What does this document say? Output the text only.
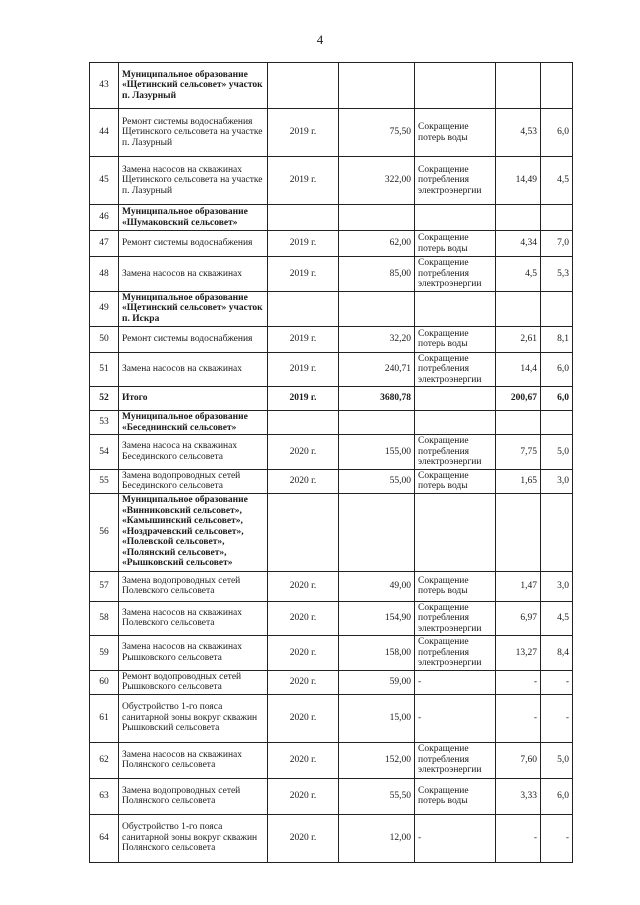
4
43	Муниципальное образование «Щетинский сельсовет» участок п. Лазурный					
44	Ремонт системы водоснабжения Щетинского сельсовета на участке п. Лазурный	2019 г.	75,50	Сокращение потерь воды	4,53	6,0
45	Замена насосов на скважинах Щетинского сельсовета на участке п. Лазурный	2019 г.	322,00	Сокращение потребления электроэнергии	14,49	4,5
46	Муниципальное образование «Шумаковский сельсовет»					
47	Ремонт системы водоснабжения	2019 г.	62,00	Сокращение потерь воды	4,34	7,0
48	Замена насосов на скважинах	2019 г.	85,00	Сокращение потребления электроэнергии	4,5	5,3
49	Муниципальное образование «Щетинский сельсовет» участок п. Искра					
50	Ремонт системы водоснабжения	2019 г.	32,20	Сокращение потерь воды	2,61	8,1
51	Замена насосов на скважинах	2019 г.	240,71	Сокращение потребления электроэнергии	14,4	6,0
52	Итого	2019 г.	3680,78		200,67	6,0
53	Муниципальное образование «Беседнинский сельсовет»					
54	Замена насоса на скважинах Бесединского сельсовета	2020 г.	155,00	Сокращение потребления электроэнергии	7,75	5,0
55	Замена водопроводных сетей Бесединского сельсовета	2020 г.	55,00	Сокращение потерь воды	1,65	3,0
56	Муниципальное образование «Винниковский сельсовет», «Камышинский сельсовет», «Ноздрачевский сельсовет», «Полевской сельсовет», «Полянский сельсовет», «Рышковский сельсовет»					
57	Замена водопроводных сетей Полевского сельсовета	2020 г.	49,00	Сокращение потерь воды	1,47	3,0
58	Замена насосов на скважинах Полевского сельсовета	2020 г.	154,90	Сокращение потребления электроэнергии	6,97	4,5
59	Замена насосов на скважинах Рышковского сельсовета	2020 г.	158,00	Сокращение потребления электроэнергии	13,27	8,4
60	Ремонт водопроводных сетей Рышковского сельсовета	2020 г.	59,00	-	-	-
61	Обустройство 1-го пояса санитарной зоны вокруг скважин Рышковский сельсовета	2020 г.	15,00	-	-	-
62	Замена насосов на скважинах Полянского сельсовета	2020 г.	152,00	Сокращение потребления электроэнергии	7,60	5,0
63	Замена водопроводных сетей Полянского сельсовета	2020 г.	55,50	Сокращение потерь воды	3,33	6,0
64	Обустройство 1-го пояса санитарной зоны вокруг скважин Полянского сельсовета	2020 г.	12,00	-	-	-
